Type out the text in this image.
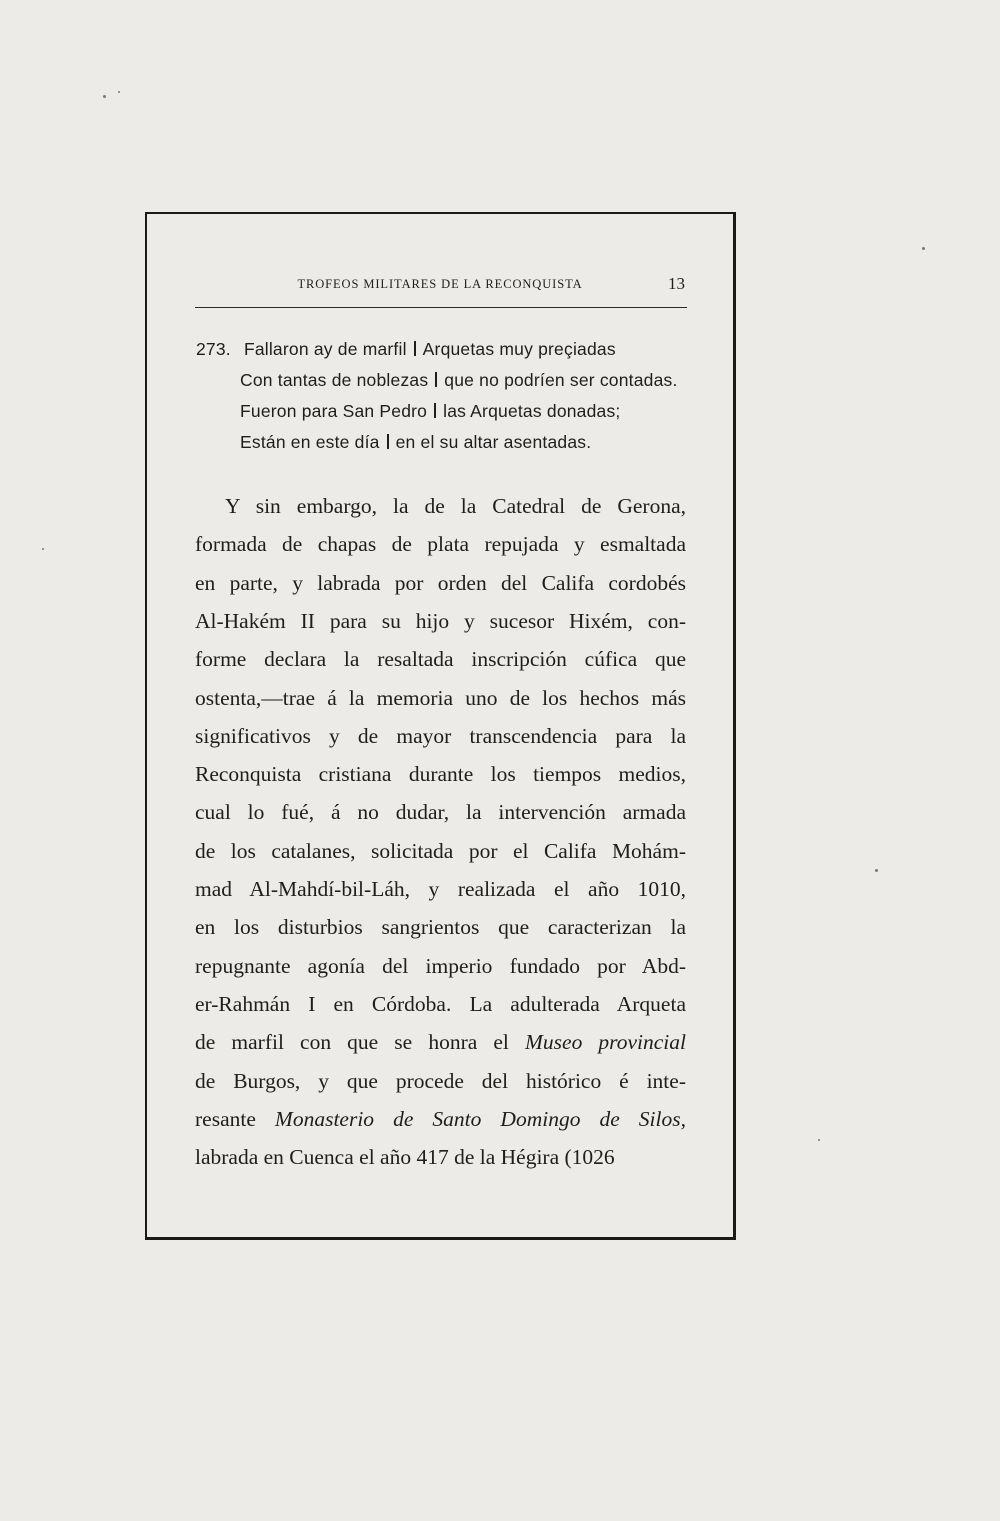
TROFEOS MILITARES DE LA RECONQUISTA	13
273. Fallaron ay de marfil Arquetas muy preçiadas
Con tantas de noblezas que no podríen ser contadas.
Fueron para San Pedro las Arquetas donadas;
Están en este día en el su altar asentadas.
Y sin embargo, la de la Catedral de Gerona,
formada de chapas de plata repujada y esmaltada
en parte, y labrada por orden del Califa cordobés
Al-Hakém II para su hijo y sucesor Hixém, con-
forme declara la resaltada inscripción cúfica que
ostenta,—trae á la memoria uno de los hechos más
significativos y de mayor transcendencia para la
Reconquista cristiana durante los tiempos medios,
cual lo fué, á no dudar, la intervención armada
de los catalanes, solicitada por el Califa Mohám-
mad Al-Mahdí-bil-Láh, y realizada el año 1010,
en los disturbios sangrientos que caracterizan la
repugnante agonía del imperio fundado por Abd-
er-Rahmán I en Córdoba. La adulterada Arqueta
de marfil con que se honra el Museo provincial
de Burgos, y que procede del histórico é inte-
resante Monasterio de Santo Domingo de Silos,
labrada en Cuenca el año 417 de la Hégira (1026
